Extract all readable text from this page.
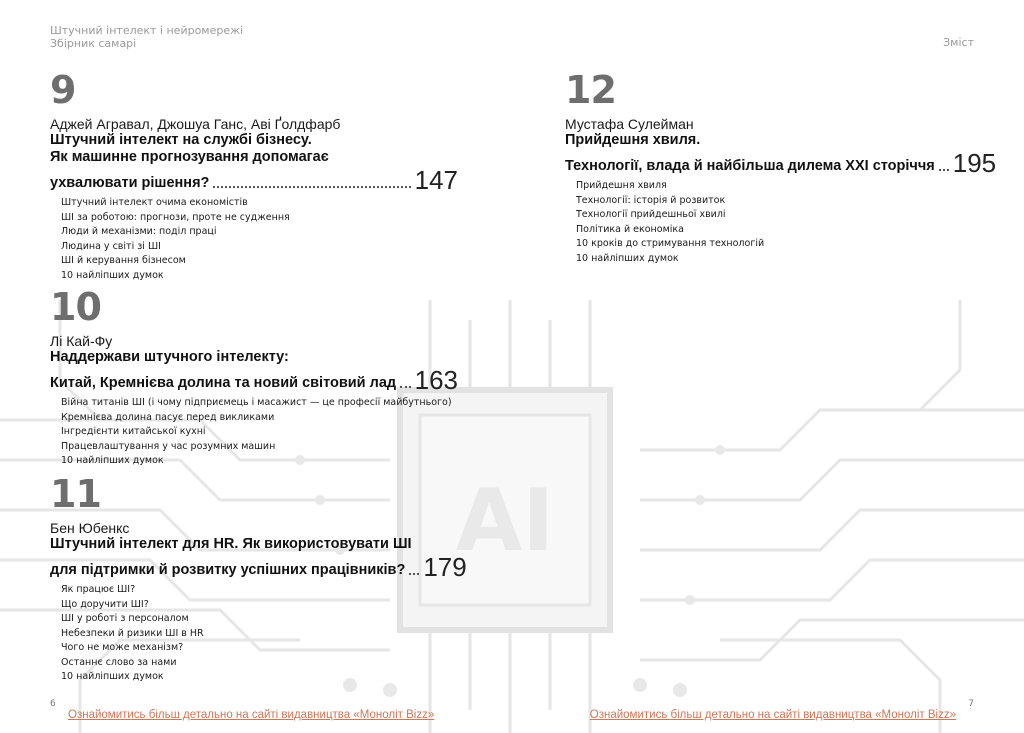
AI
Штучний інтелект і нейромережі
Збірник самарі	Зміст
9
Аджей Агравал, Джошуа Ганс, Аві Ґолдфарб
Штучний інтелект на службі бізнесу.
Як машинне прогнозування допомагає
ухвалювати рішення?	147
Штучний інтелект очима економістів
ШІ за роботою: прогнози, проте не судження
Люди й механізми: поділ праці
Людина у світі зі ШІ
ШІ й керування бізнесом
10 найліпших думок
10
Лі Кай-Фу
Наддержави штучного інтелекту:
Китай, Кремнієва долина та новий світовий лад 163
Війна титанів ШІ (і чому підприємець і масажист — це професії майбутнього)
Кремнієва долина пасує перед викликами
Інгредієнти китайської кухні
Працевлаштування у час розумних машин
10 найліпших думок
11
Бен Юбенкс
Штучний інтелект для HR. Як використовувати ШІ
для підтримки й розвитку успішних працівників? 179
Як працює ШІ?
Що доручити ШІ?
ШІ у роботі з персоналом
Небезпеки й ризики ШІ в HR
Чого не може механізм?
Останнє слово за нами
10 найліпших думок
12
Мустафа Сулейман
Прийдешня хвиля.
Технології, влада й найбільша дилема XXI сторіччя 195
Прийдешня хвиля
Технології: історія й розвиток
Технології прийдешньої хвилі
Політика й економіка
10 кроків до стримування технологій
10 найліпших думок
6	7
Ознайомитись більш детально на сайті видавництва «Моноліт Bizz»	Ознайомитись більш детально на сайті видавництва «Моноліт Bizz»
